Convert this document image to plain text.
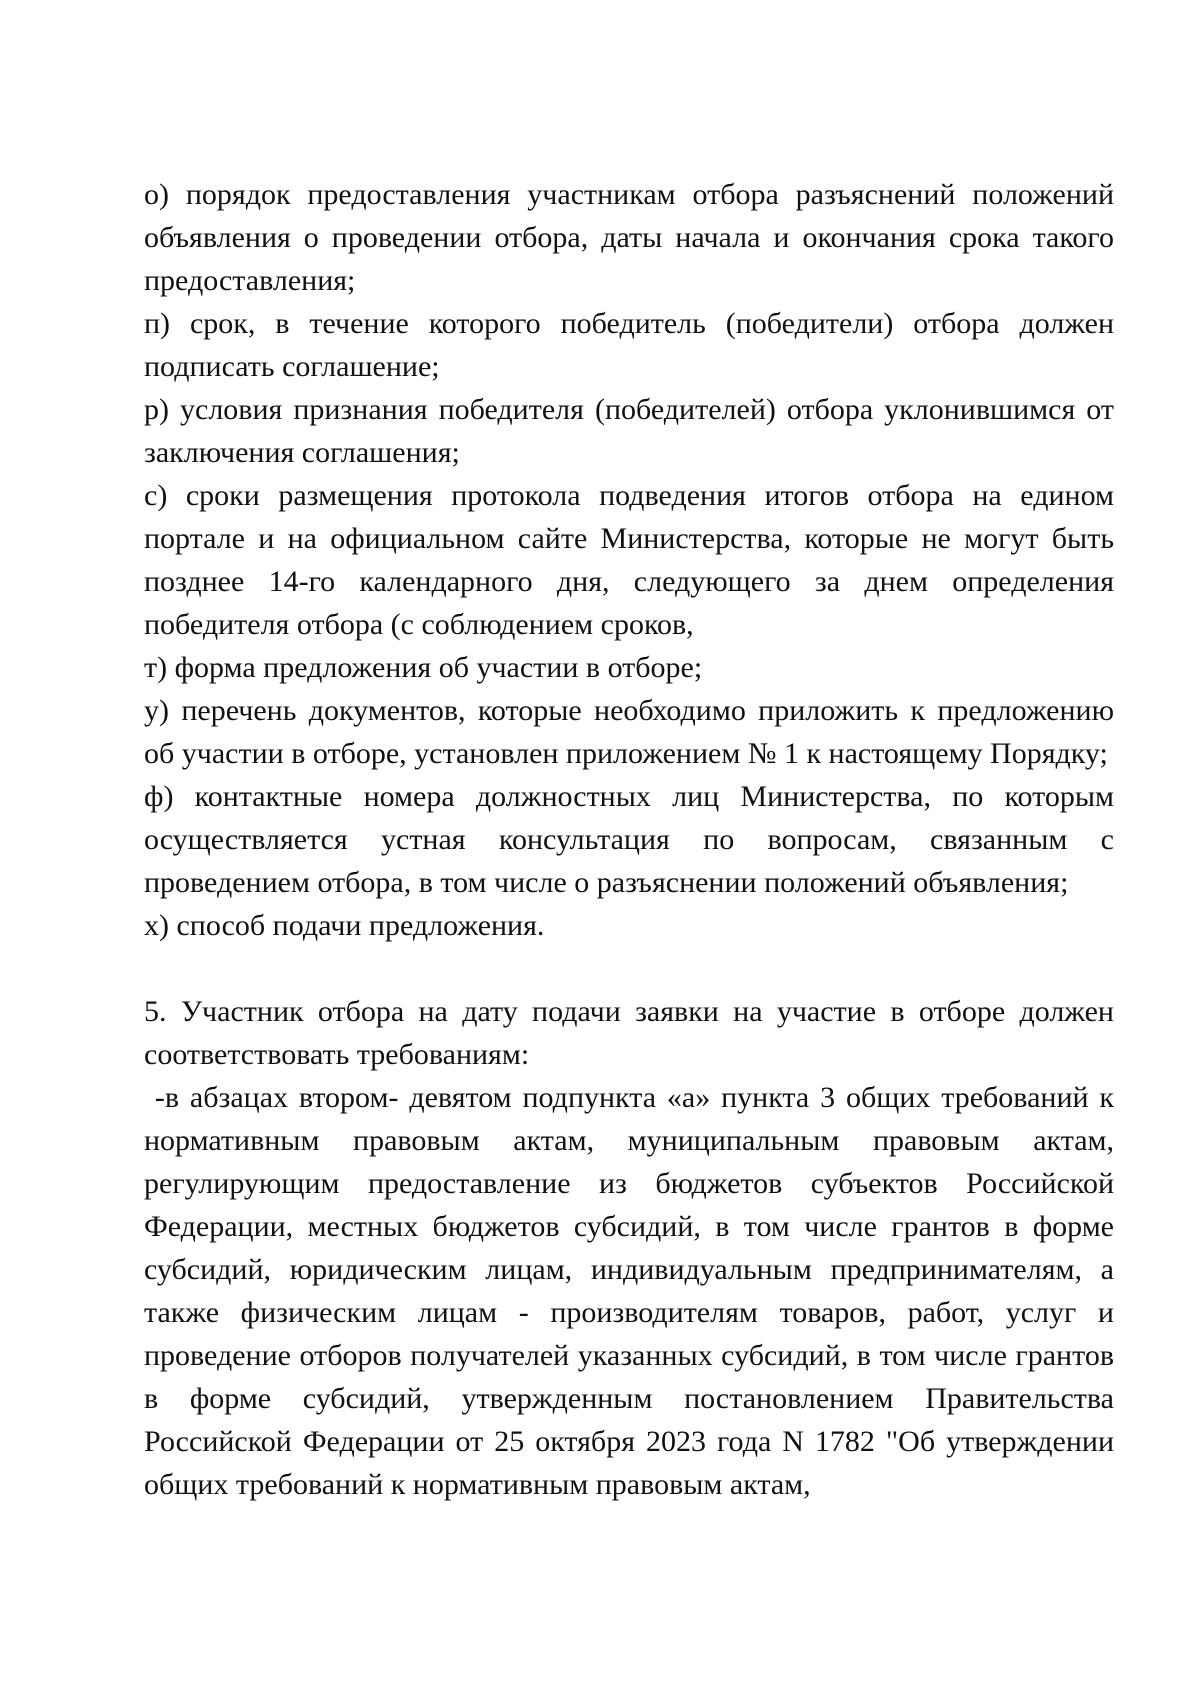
о) порядок предоставления участникам отбора разъяснений положений объявления о проведении отбора, даты начала и окончания срока такого предоставления;

п) срок, в течение которого победитель (победители) отбора должен подписать соглашение;

р) условия признания победителя (победителей) отбора уклонившимся от заключения соглашения;

с) сроки размещения протокола подведения итогов отбора на едином портале и на официальном сайте Министерства, которые не могут быть позднее 14-го календарного дня, следующего за днем определения победителя отбора (с соблюдением сроков,

т) форма предложения об участии в отборе;

у) перечень документов, которые необходимо приложить к предложению об участии в отборе, установлен приложением № 1 к настоящему Порядку;

ф) контактные номера должностных лиц Министерства, по которым осуществляется устная консультация по вопросам, связанным с проведением отбора, в том числе о разъяснении положений объявления;

х) способ подачи предложения.

5. Участник отбора на дату подачи заявки на участие в отборе должен соответствовать требованиям:

-в абзацах втором- девятом подпункта «а» пункта 3 общих требований к нормативным правовым актам, муниципальным правовым актам, регулирующим предоставление из бюджетов субъектов Российской Федерации, местных бюджетов субсидий, в том числе грантов в форме субсидий, юридическим лицам, индивидуальным предпринимателям, а также физическим лицам - производителям товаров, работ, услуг и проведение отборов получателей указанных субсидий, в том числе грантов в форме субсидий, утвержденным постановлением Правительства Российской Федерации от 25 октября 2023 года N 1782 "Об утверждении общих требований к нормативным правовым актам,
